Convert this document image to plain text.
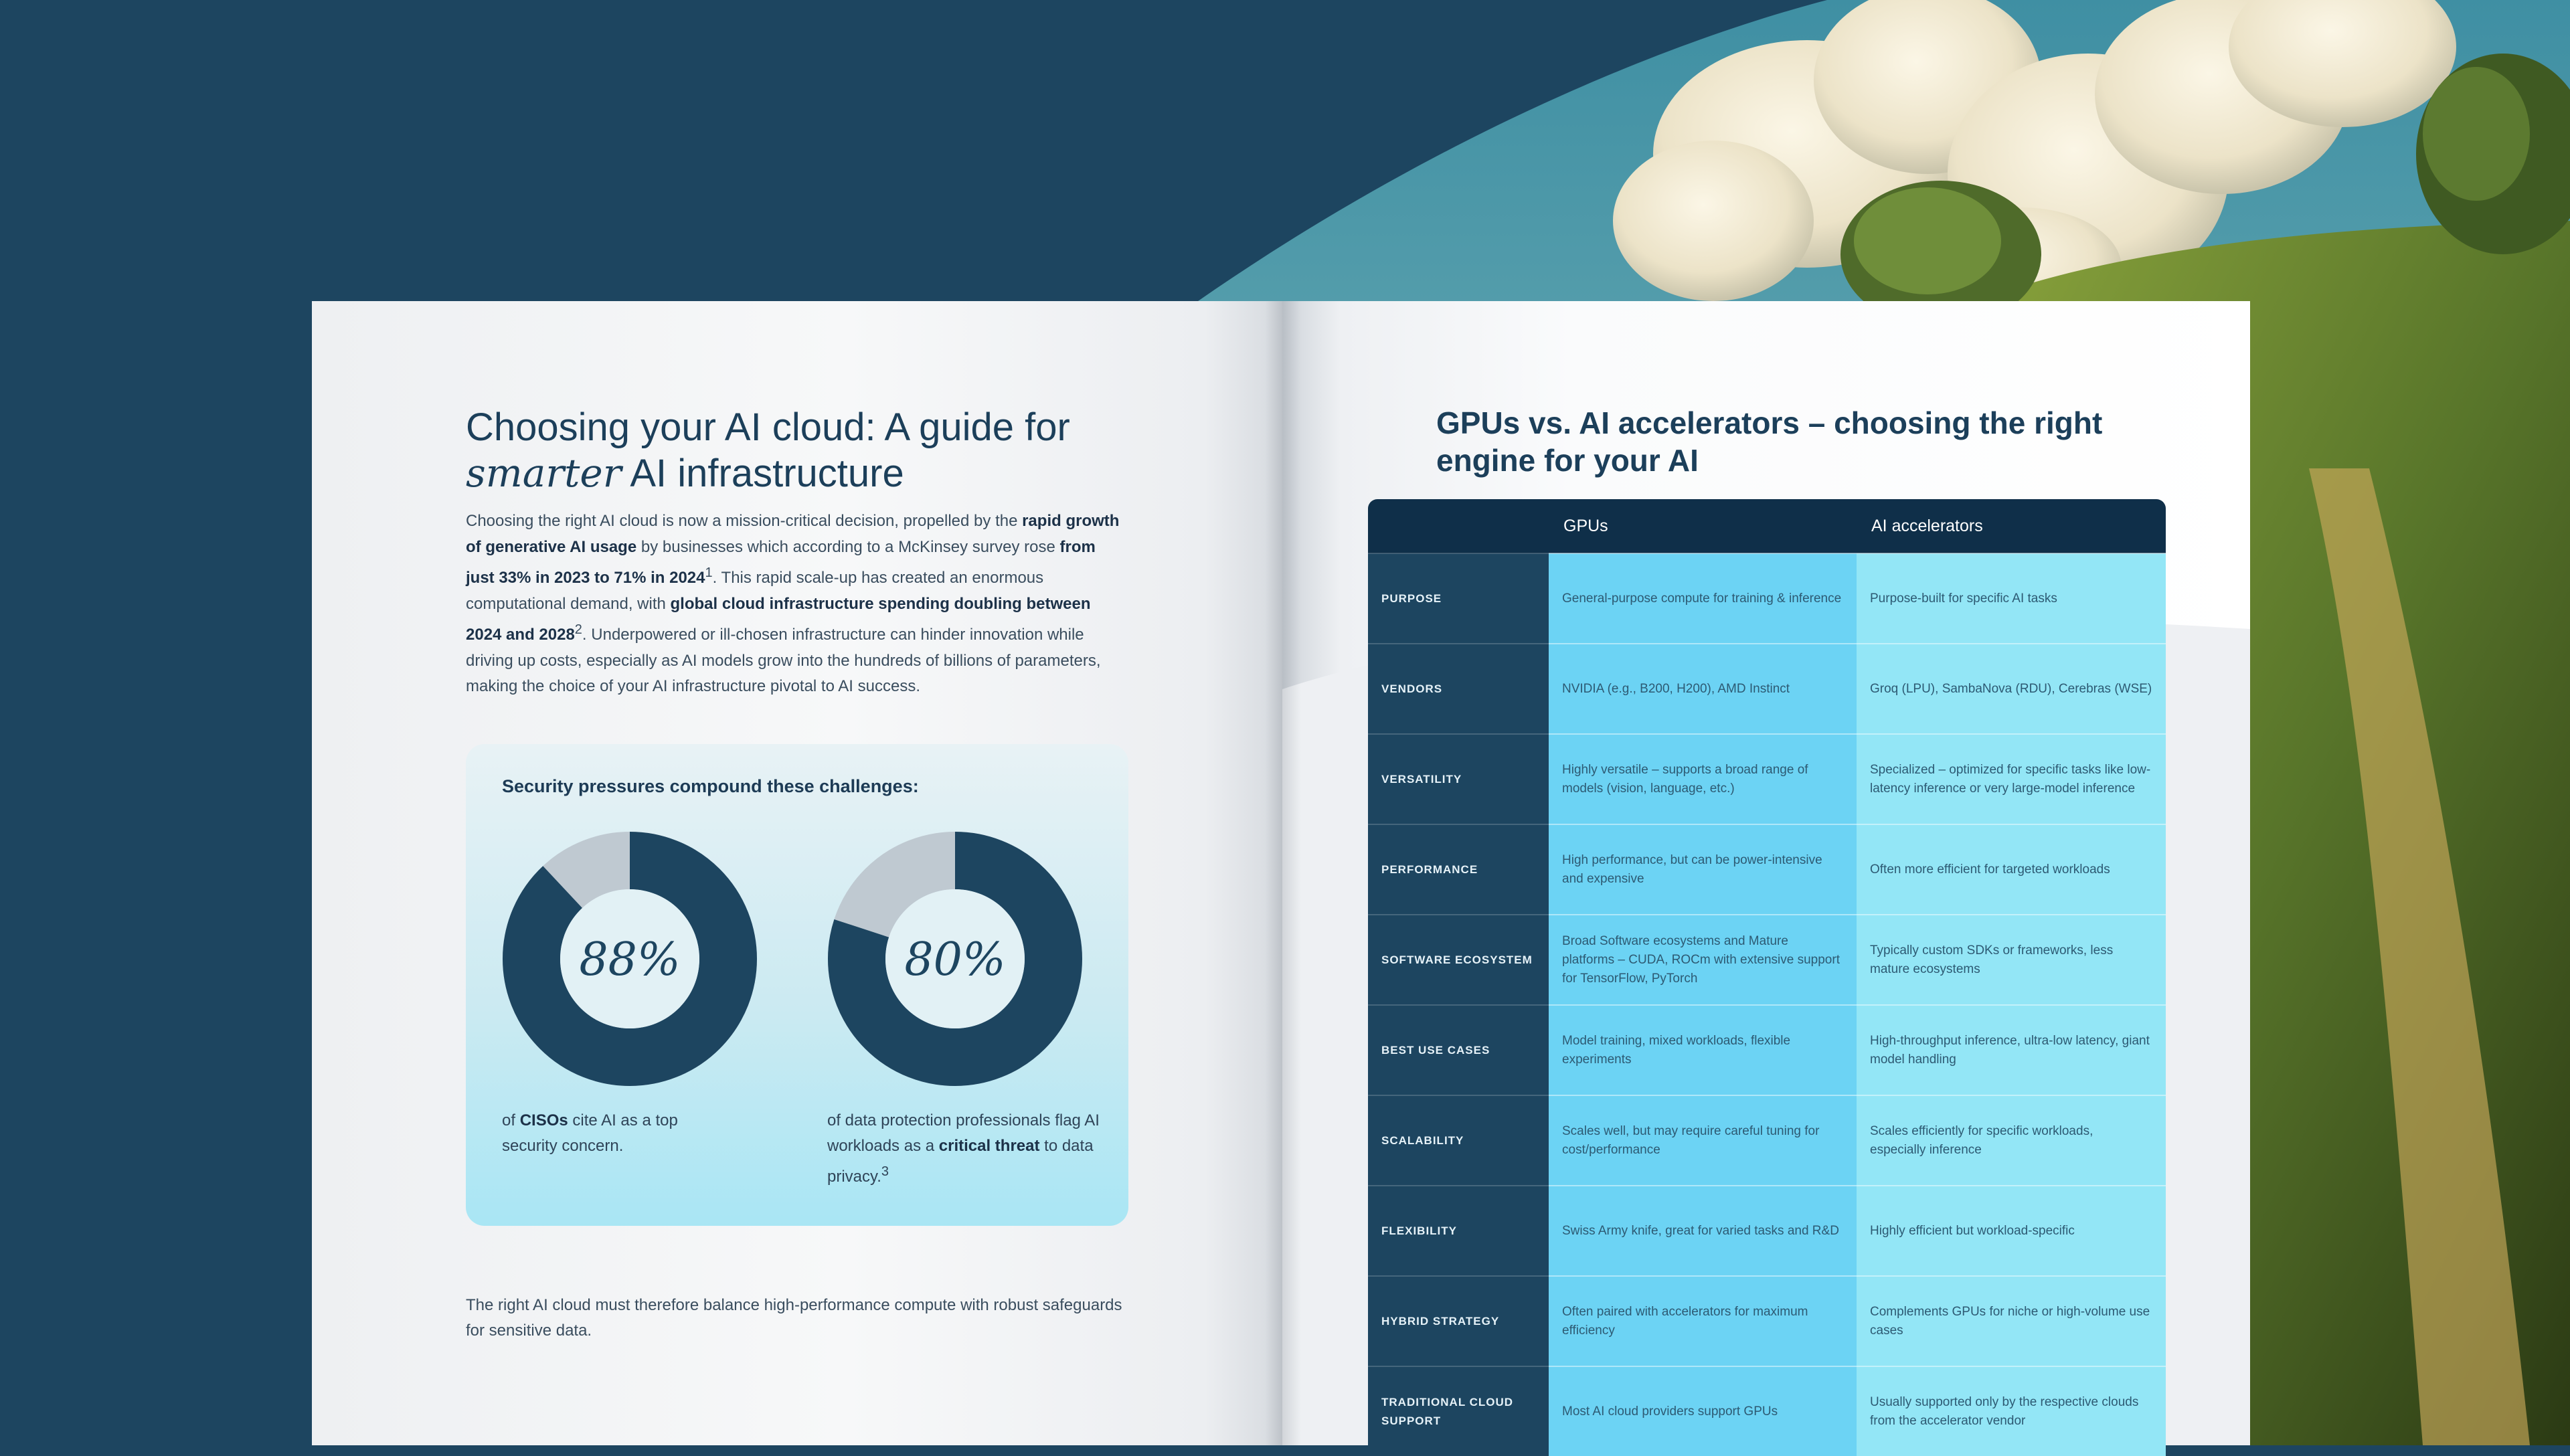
Choosing your AI cloud: A guide for
smarter AI infrastructure

Choosing the right AI cloud is now a mission-critical decision, propelled by the rapid growth of generative AI usage by businesses which according to a McKinsey survey rose from just 33% in 2023 to 71% in 2024$^1$. This rapid scale-up has created an enormous computational demand, with global cloud infrastructure spending doubling between 2024 and 2028$^2$. Underpowered or ill-chosen infrastructure can hinder innovation while driving up costs, especially as AI models grow into the hundreds of billions of parameters, making the choice of your AI infrastructure pivotal to AI success.

Security pressures compound these challenges:
88%
of CISOs cite AI as a top security concern.
80%
of data protection professionals flag AI workloads as a critical threat to data privacy.$^3$

The right AI cloud must therefore balance high-performance compute with robust safeguards for sensitive data.

GPUs vs. AI accelerators – choosing the right engine for your AI
	GPUs	AI accelerators
PURPOSE	General-purpose compute for training & inference	Purpose-built for specific AI tasks
VENDORS	NVIDIA (e.g., B200, H200), AMD Instinct	Groq (LPU), SambaNova (RDU), Cerebras (WSE)
VERSATILITY	Highly versatile – supports a broad range of models (vision, language, etc.)	Specialized – optimized for specific tasks like low-latency inference or very large-model inference
PERFORMANCE	High performance, but can be power-intensive and expensive	Often more efficient for targeted workloads
SOFTWARE ECOSYSTEM	Broad Software ecosystems and Mature platforms – CUDA, ROCm with extensive support for TensorFlow, PyTorch	Typically custom SDKs or frameworks, less mature ecosystems
BEST USE CASES	Model training, mixed workloads, flexible experiments	High-throughput inference, ultra-low latency, giant model handling
SCALABILITY	Scales well, but may require careful tuning for cost/performance	Scales efficiently for specific workloads, especially inference
FLEXIBILITY	Swiss Army knife, great for varied tasks and R&D	Highly efficient but workload-specific
HYBRID STRATEGY	Often paired with accelerators for maximum efficiency	Complements GPUs for niche or high-volume use cases
TRADITIONAL CLOUD SUPPORT	Most AI cloud providers support GPUs	Usually supported only by the respective clouds from the accelerator vendor
